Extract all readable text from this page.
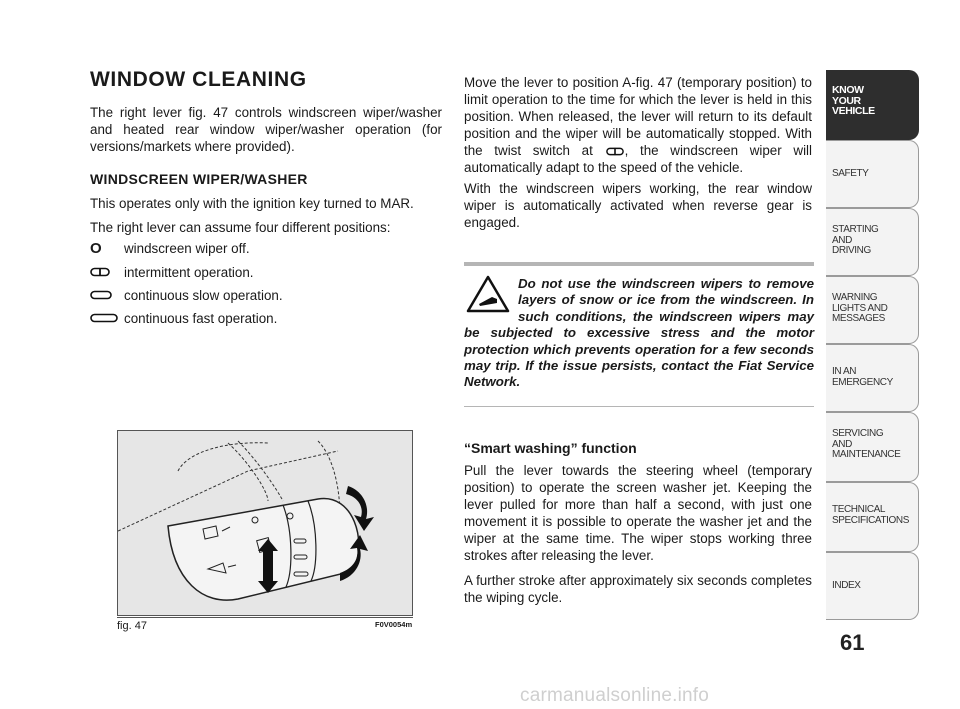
WINDOW CLEANING
The right lever fig. 47 controls windscreen wiper/washer and heated rear window wiper/washer operation (for versions/markets where provided).
WINDSCREEN WIPER/WASHER
This operates only with the ignition key turned to MAR.
The right lever can assume four different positions:
O windscreen wiper off.
intermittent operation.
continuous slow operation.
continuous fast operation.
fig. 47	F0V0054m
Move the lever to position A-fig. 47 (temporary position) to limit operation to the time for which the lever is held in this position. When released, the lever will return to its default position and the wiper will be automatically stopped. With the twist switch at , the windscreen wiper will automatically adapt to the speed of the vehicle.
With the windscreen wipers working, the rear window wiper is automatically activated when reverse gear is engaged.
Do not use the windscreen wipers to remove layers of snow or ice from the windscreen. In such conditions, the windscreen wipers may be subjected to excessive stress and the motor protection which prevents operation for a few seconds may trip. If the issue persists, contact the Fiat Service Network.
“Smart washing” function
Pull the lever towards the steering wheel (temporary position) to operate the screen washer jet. Keeping the lever pulled for more than half a second, with just one movement it is possible to operate the washer jet and the wiper at the same time. The wiper stops working three strokes after releasing the lever.
A further stroke after approximately six seconds completes the wiping cycle.
KNOW
YOUR
VEHICLE
SAFETY
STARTING
AND
DRIVING
WARNING
LIGHTS AND
MESSAGES
IN AN
EMERGENCY
SERVICING
AND
MAINTENANCE
TECHNICAL
SPECIFICATIONS
INDEX
61
carmanualsonline.info
